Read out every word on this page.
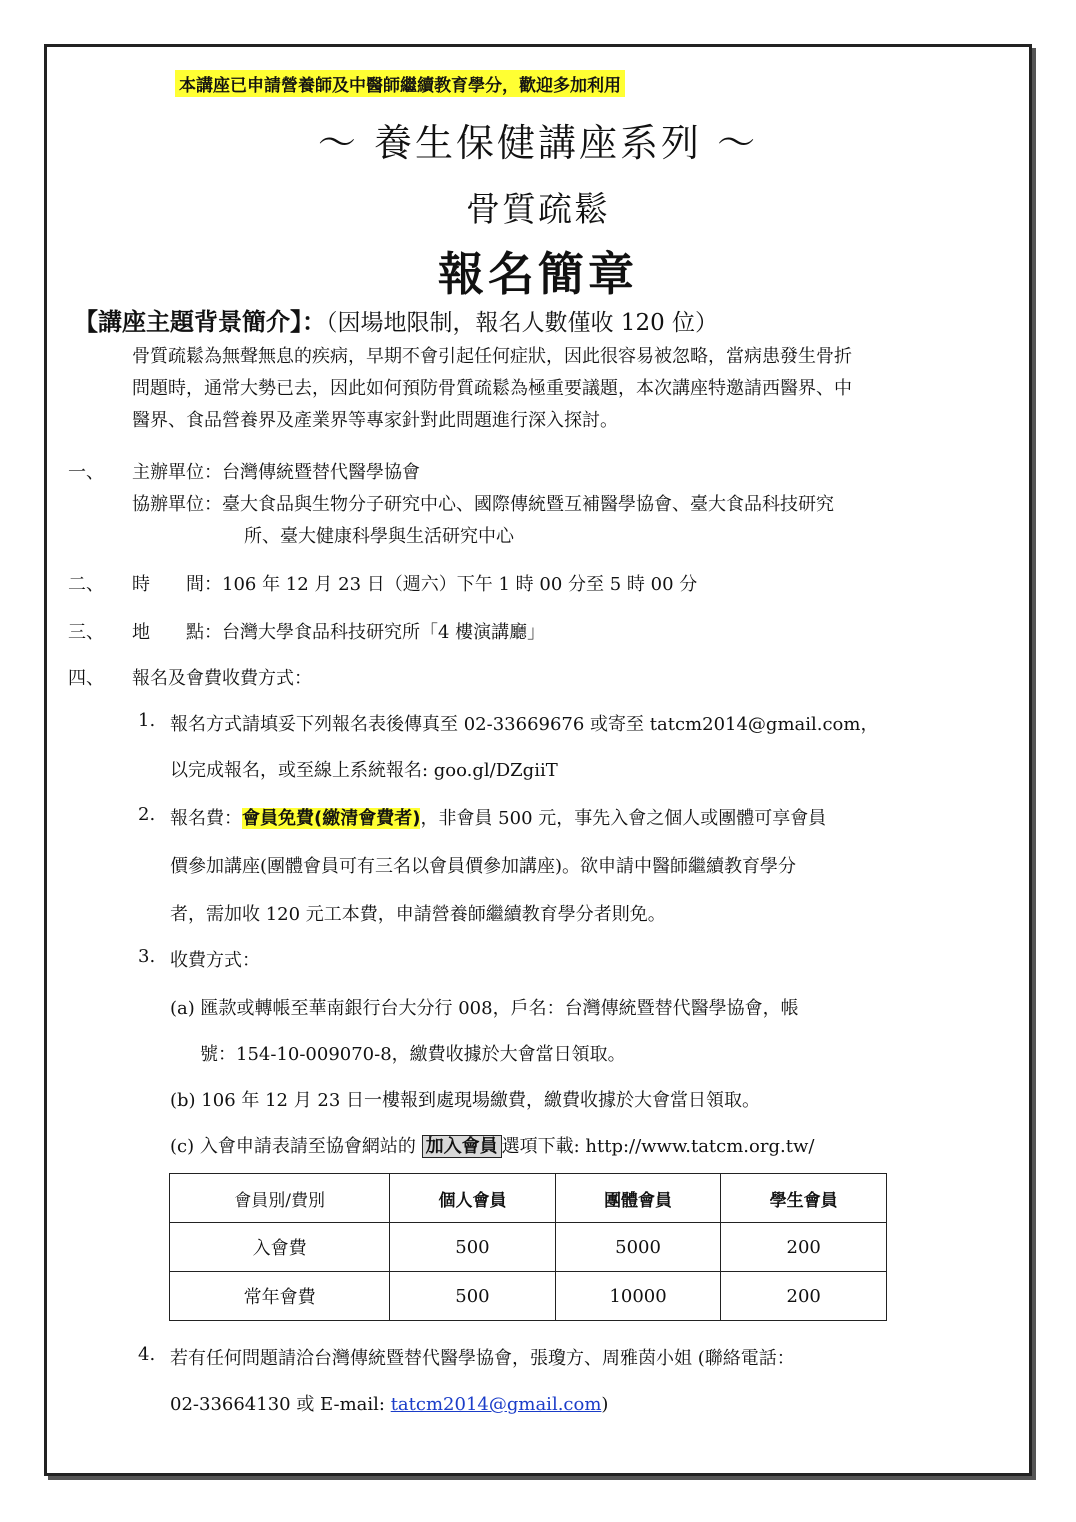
本講座已申請營養師及中醫師繼續教育學分，歡迎多加利用
～ 養生保健講座系列 ～
骨質疏鬆
報名簡章
【講座主題背景簡介】：（因場地限制，報名人數僅收 120 位）
骨質疏鬆為無聲無息的疾病，早期不會引起任何症狀，因此很容易被忽略，當病患發生骨折
問題時，通常大勢已去，因此如何預防骨質疏鬆為極重要議題，本次講座特邀請西醫界、中
醫界、食品營養界及產業界等專家針對此問題進行深入探討。
一、 主辦單位：台灣傳統暨替代醫學協會
協辦單位：臺大食品與生物分子研究中心、國際傳統暨互補醫學協會、臺大食品科技研究
所、臺大健康科學與生活研究中心
二、 時　　間：106 年 12 月 23 日（週六）下午 1 時 00 分至 5 時 00 分
三、 地　　點：台灣大學食品科技研究所「4 樓演講廳」
四、 報名及會費收費方式：
1. 報名方式請填妥下列報名表後傳真至 02-33669676 或寄至 tatcm2014@gmail.com，
以完成報名，或至線上系統報名: goo.gl/DZgiiT
2. 報名費：會員免費(繳清會費者)，非會員 500 元，事先入會之個人或團體可享會員
價參加講座(團體會員可有三名以會員價參加講座)。欲申請中醫師繼續教育學分
者，需加收 120 元工本費，申請營養師繼續教育學分者則免。
3. 收費方式：
(a) 匯款或轉帳至華南銀行台大分行 008，戶名：台灣傳統暨替代醫學協會，帳
號：154-10-009070-8，繳費收據於大會當日領取。
(b) 106 年 12 月 23 日一樓報到處現場繳費，繳費收據於大會當日領取。
(c) 入會申請表請至協會網站的 加入會員 選項下載: http://www.tatcm.org.tw/
會員別/費別	個人會員	團體會員	學生會員
入會費	500	5000	200
常年會費	500	10000	200
4. 若有任何問題請洽台灣傳統暨替代醫學協會，張瓊方、周雅茵小姐 (聯絡電話：
02-33664130 或 E-mail: tatcm2014@gmail.com)
